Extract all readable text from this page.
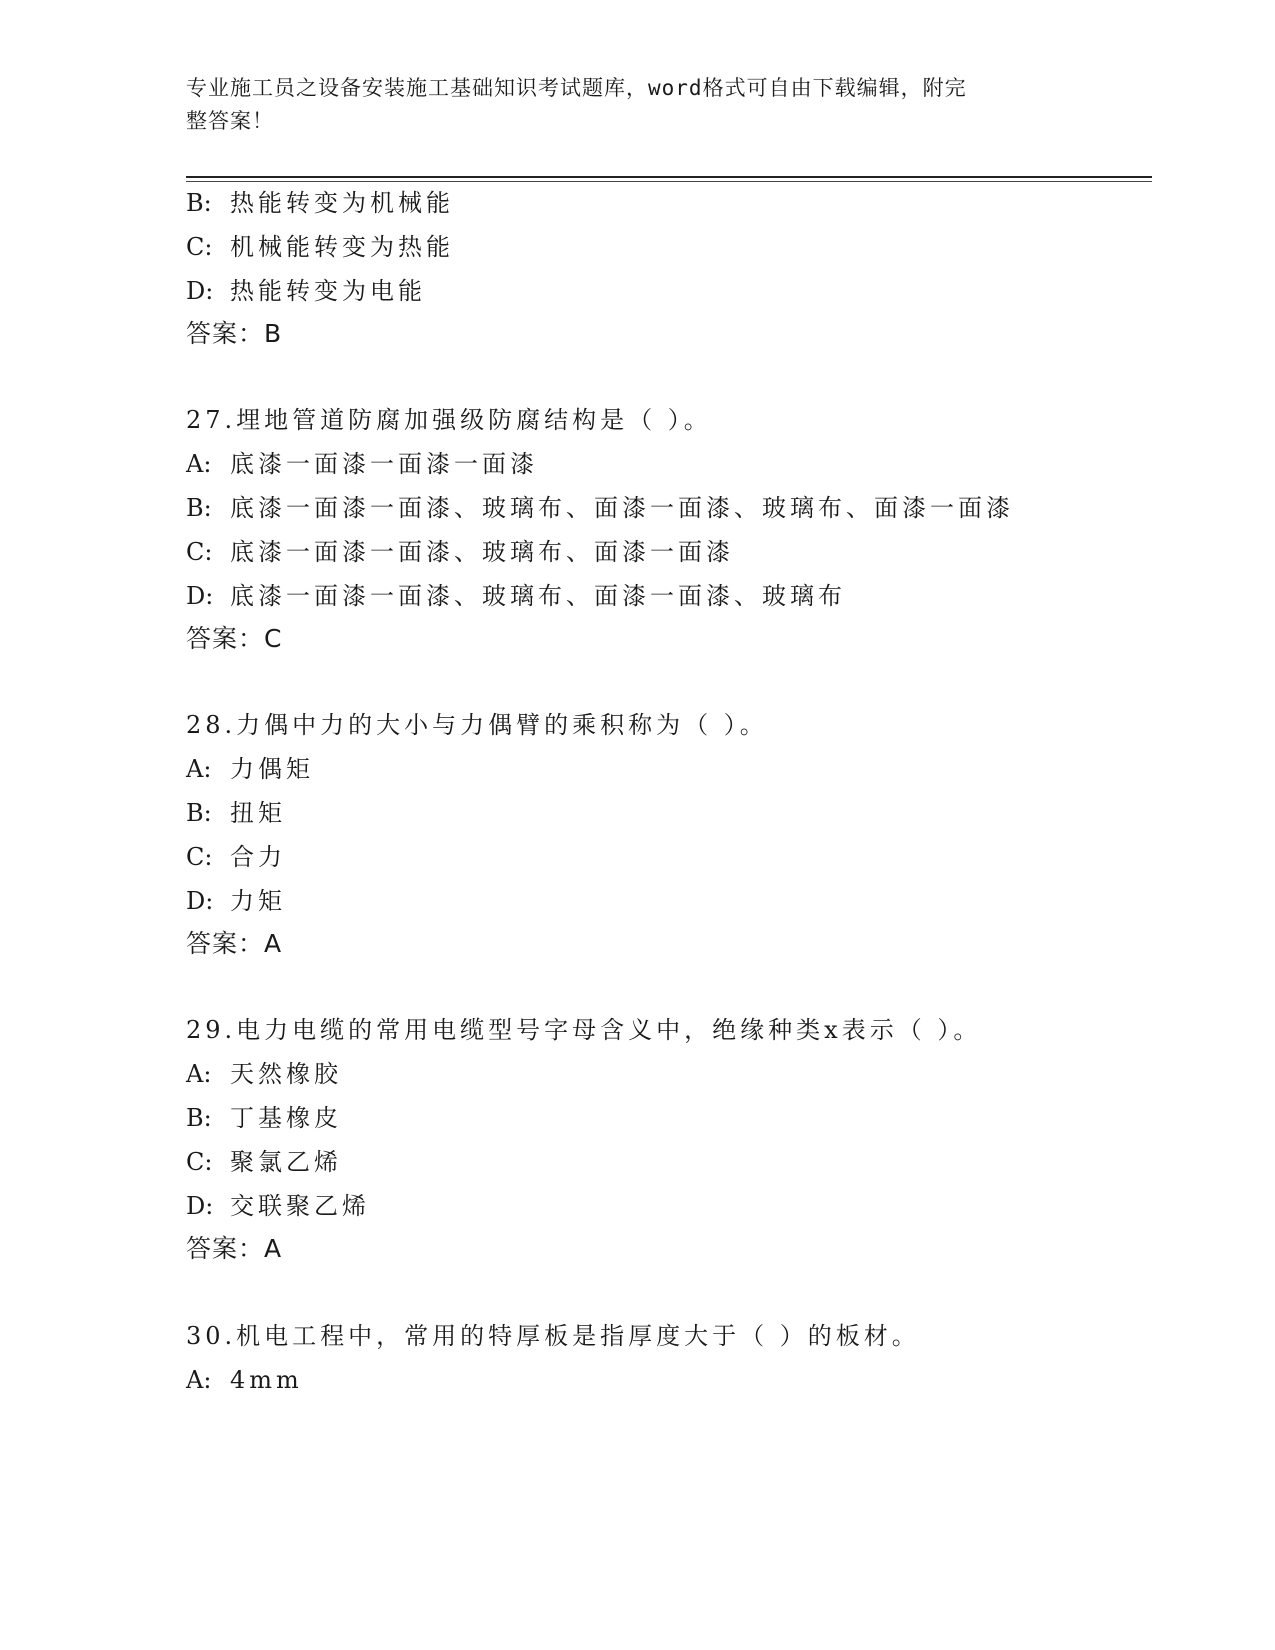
专业施工员之设备安装施工基础知识考试题库，word格式可自由下载编辑，附完
整答案！
B: 热能转变为机械能
C: 机械能转变为热能
D: 热能转变为电能
答案：B
27.埋地管道防腐加强级防腐结构是（ ）。
A: 底漆一面漆一面漆一面漆
B: 底漆一面漆一面漆、玻璃布、面漆一面漆、玻璃布、面漆一面漆
C: 底漆一面漆一面漆、玻璃布、面漆一面漆
D: 底漆一面漆一面漆、玻璃布、面漆一面漆、玻璃布
答案：C
28.力偶中力的大小与力偶臂的乘积称为（ ）。
A: 力偶矩
B: 扭矩
C: 合力
D: 力矩
答案：A
29.电力电缆的常用电缆型号字母含义中，绝缘种类x表示（ ）。
A: 天然橡胶
B: 丁基橡皮
C: 聚氯乙烯
D: 交联聚乙烯
答案：A
30.机电工程中，常用的特厚板是指厚度大于（ ）的板材。
A: 4mm
